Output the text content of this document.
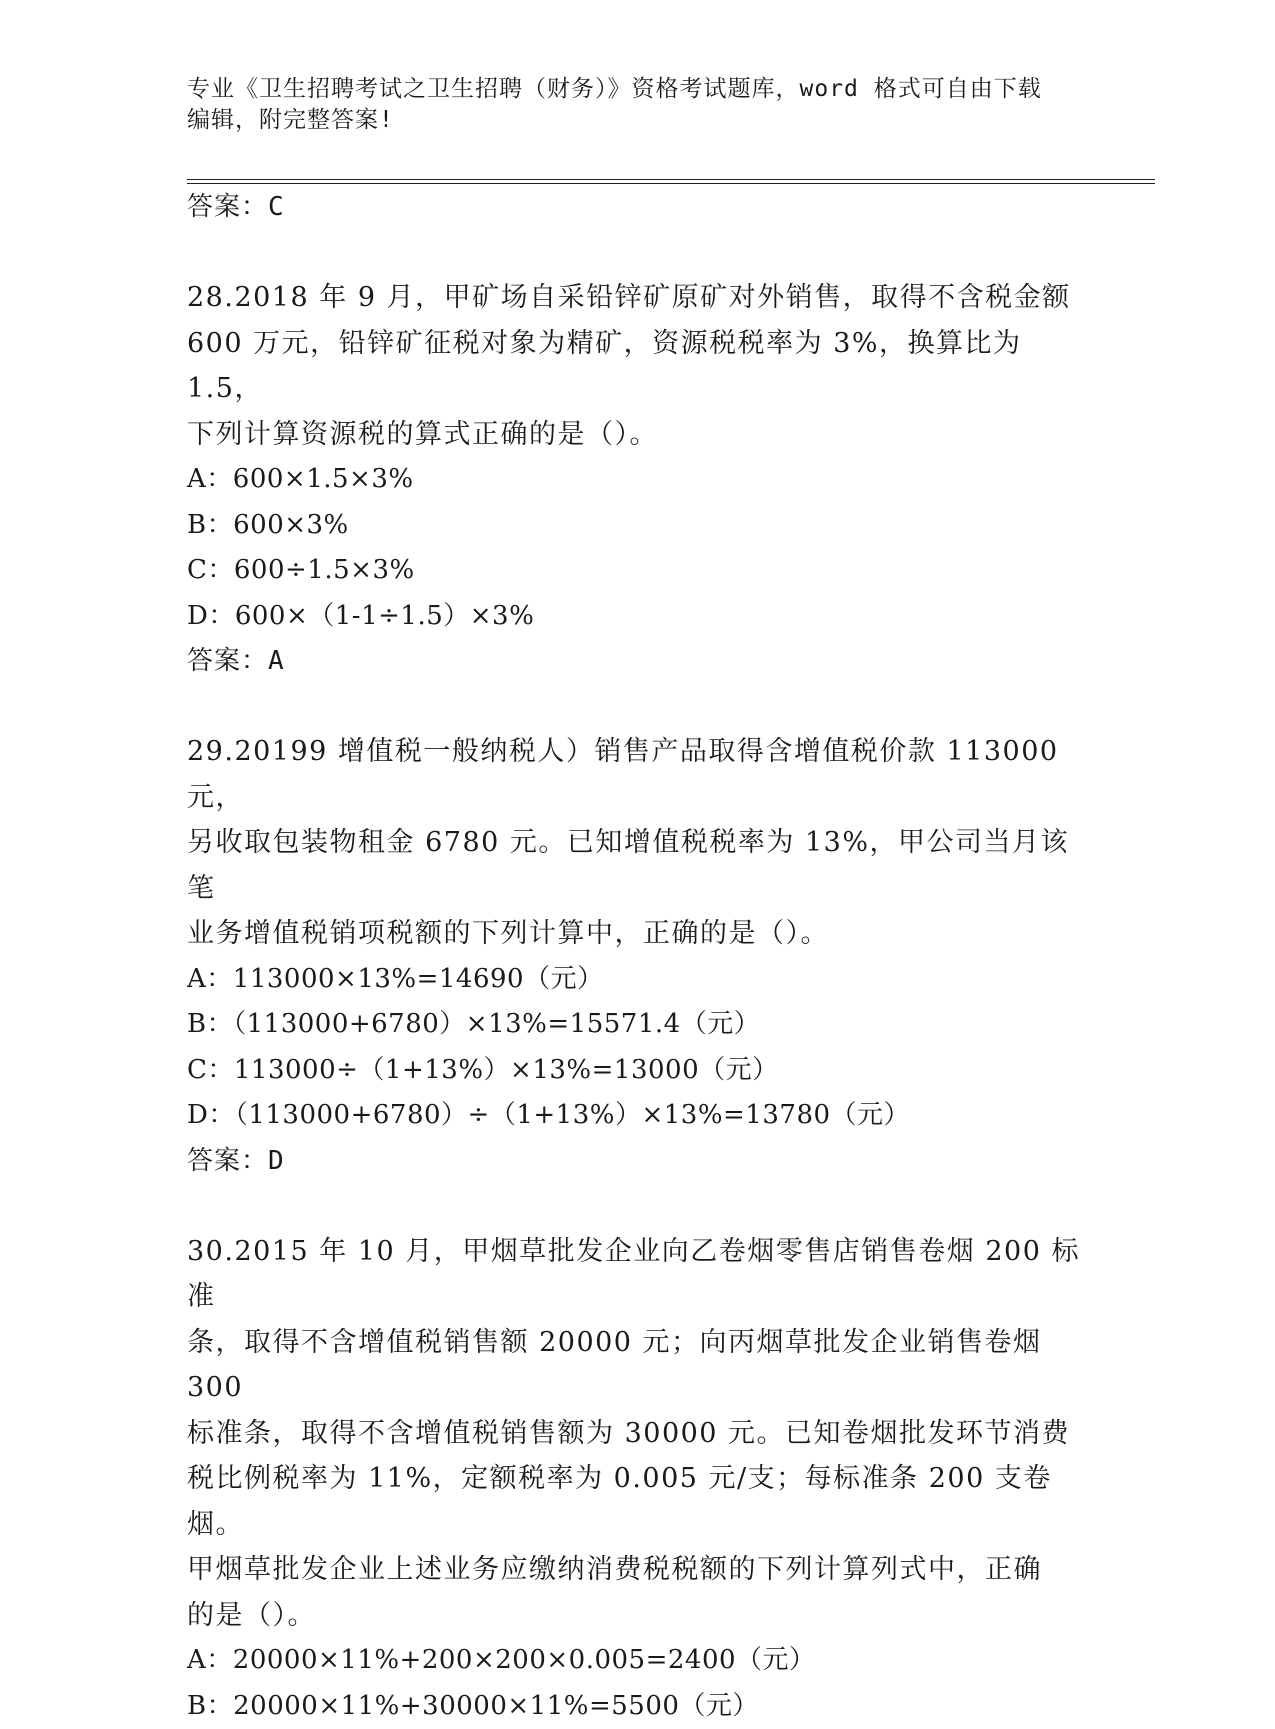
专业《卫生招聘考试之卫生招聘（财务）》资格考试题库，word 格式可自由下载
编辑，附完整答案!

答案：C

28.2018 年 9 月，甲矿场自采铅锌矿原矿对外销售，取得不含税金额

600 万元，铅锌矿征税对象为精矿，资源税税率为 3%，换算比为 1.5，

下列计算资源税的算式正确的是（）。

A：600×1.5×3%

B：600×3%

C：600÷1.5×3%

D：600×（1-1÷1.5）×3%

答案：A

29.20199 增值税一般纳税人）销售产品取得含增值税价款 113000 元，

另收取包装物租金 6780 元。已知增值税税率为 13%，甲公司当月该笔

业务增值税销项税额的下列计算中，正确的是（）。

A：113000×13%=14690（元）

B：（113000+6780）×13%=15571.4（元）

C：113000÷（1+13%）×13%=13000（元）

D：（113000+6780）÷（1+13%）×13%=13780（元）

答案：D

30.2015 年 10 月，甲烟草批发企业向乙卷烟零售店销售卷烟 200 标准

条，取得不含增值税销售额 20000 元；向丙烟草批发企业销售卷烟 300

标准条，取得不含增值税销售额为 30000 元。已知卷烟批发环节消费

税比例税率为 11%，定额税率为 0.005 元/支；每标准条 200 支卷烟。

甲烟草批发企业上述业务应缴纳消费税税额的下列计算列式中，正确

的是（）。

A：20000×11%+200×200×0.005=2400（元）

B：20000×11%+30000×11%=5500（元）
